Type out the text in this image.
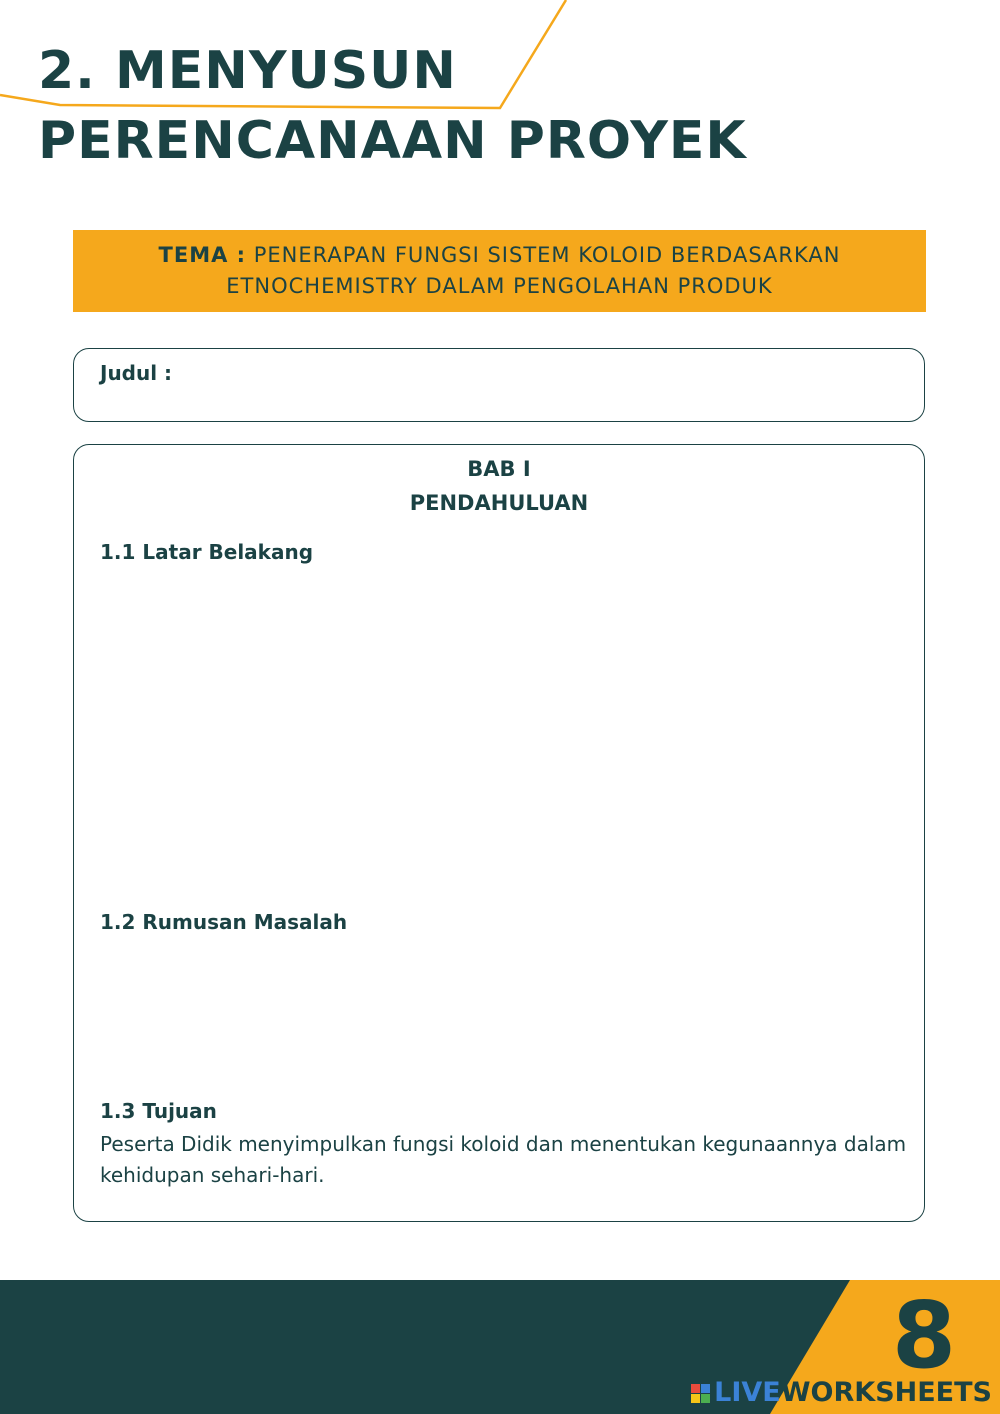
2. MENYUSUN
PERENCANAAN PROYEK
TEMA : PENERAPAN FUNGSI SISTEM KOLOID BERDASARKAN ETNOCHEMISTRY DALAM PENGOLAHAN PRODUK
Judul :
BAB I
PENDAHULUAN
1.1 Latar Belakang
1.2 Rumusan Masalah
1.3 Tujuan
Peserta Didik menyimpulkan fungsi koloid dan menentukan kegunaannya dalam kehidupan sehari-hari.
8
LIVE WORKSHEETS
